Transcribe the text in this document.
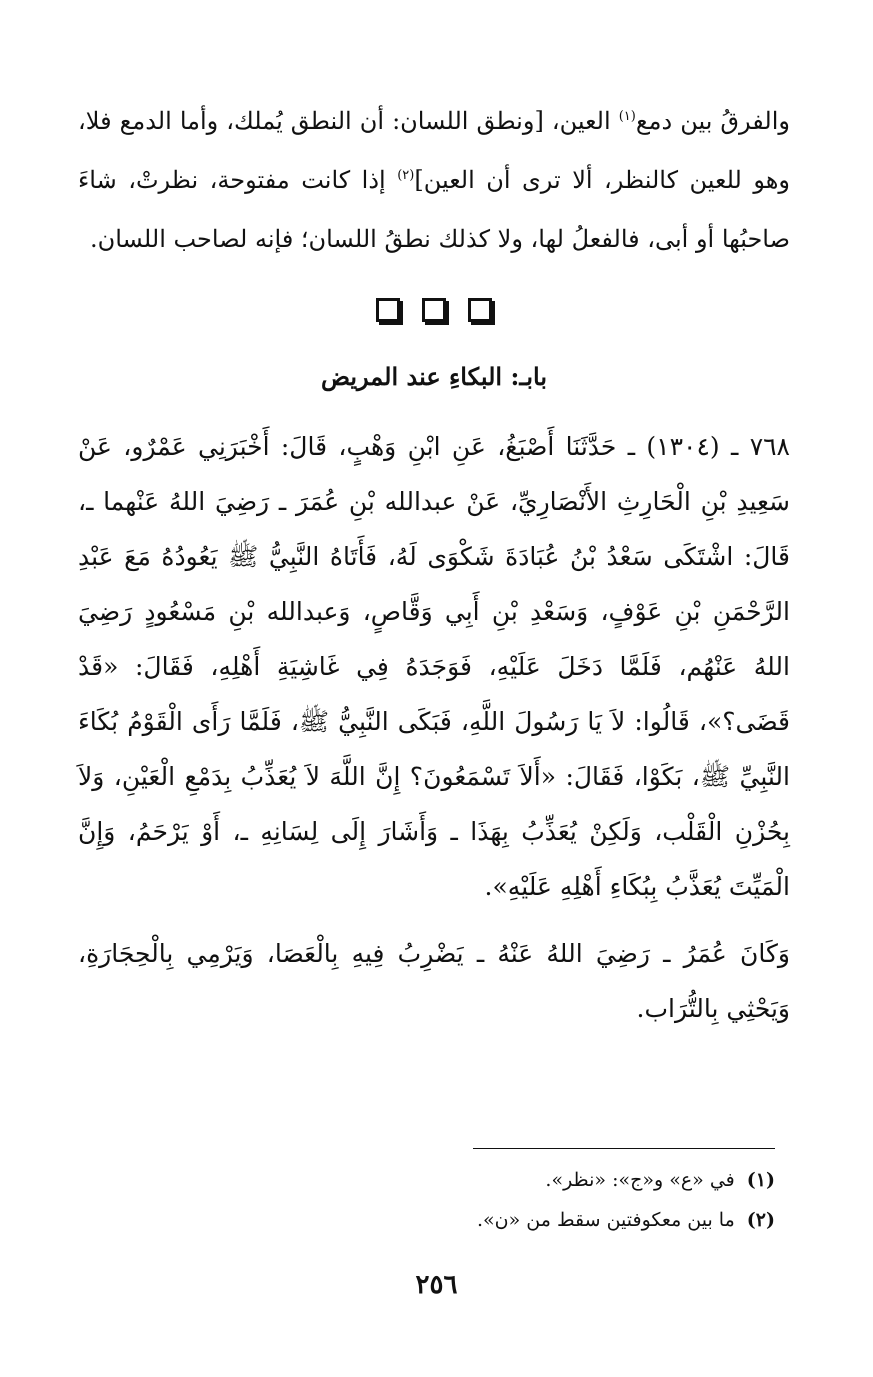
والفرقُ بين دمع$^{(١)}$ العين، [ونطق اللسان: أن النطق يُملك، وأما الدمع فلا، وهو للعين كالنظر، ألا ترى أن العين]$^{(٢)}$ إذا كانت مفتوحة، نظرتْ، شاءَ صاحبُها أو أبى، فالفعلُ لها، ولا كذلك نطقُ اللسان؛ فإنه لصاحب اللسان.

بابـ: البكاءِ عند المريض

٧٦٨ ـ (١٣٠٤) ـ حَدَّثَنَا أَصْبَغُ، عَنِ ابْنِ وَهْبٍ، قَالَ: أَخْبَرَنِي عَمْرٌو، عَنْ سَعِيدِ بْنِ الْحَارِثِ الأَنْصَارِيِّ، عَنْ عبدالله بْنِ عُمَرَ ـ رَضِيَ اللهُ عَنْهما ـ، قَالَ: اشْتَكَى سَعْدُ بْنُ عُبَادَةَ شَكْوَى لَهُ، فَأَتَاهُ النَّبِيُّ ﷺ يَعُودُهُ مَعَ عَبْدِ الرَّحْمَنِ بْنِ عَوْفٍ، وَسَعْدِ بْنِ أَبِي وَقَّاصٍ، وَعبدالله بْنِ مَسْعُودٍ رَضِيَ اللهُ عَنْهُم، فَلَمَّا دَخَلَ عَلَيْهِ، فَوَجَدَهُ فِي غَاشِيَةِ أَهْلِهِ، فَقَالَ: «قَدْ قَضَى؟»، قَالُوا: لاَ يَا رَسُولَ اللَّهِ، فَبَكَى النَّبِيُّ ﷺ، فَلَمَّا رَأَى الْقَوْمُ بُكَاءَ النَّبِيِّ ﷺ، بَكَوْا، فَقَالَ: «أَلاَ تَسْمَعُونَ؟ إِنَّ اللَّهَ لاَ يُعَذِّبُ بِدَمْعِ الْعَيْنِ، وَلاَ بِحُزْنِ الْقَلْب، وَلَكِنْ يُعَذِّبُ بِهَذَا ـ وَأَشَارَ إِلَى لِسَانِهِ ـ، أَوْ يَرْحَمُ، وَإِنَّ الْمَيِّتَ يُعَذَّبُ بِبُكَاءِ أَهْلِهِ عَلَيْهِ».

وَكَانَ عُمَرُ ـ رَضِيَ اللهُ عَنْهُ ـ يَضْرِبُ فِيهِ بِالْعَصَا، وَيَرْمِي بِالْحِجَارَةِ، وَيَحْثِي بِالتُّرَاب.

(١)
في «ع» و«ج»: «نظر».
(٢)
ما بين معكوفتين سقط من «ن».
٢٥٦
